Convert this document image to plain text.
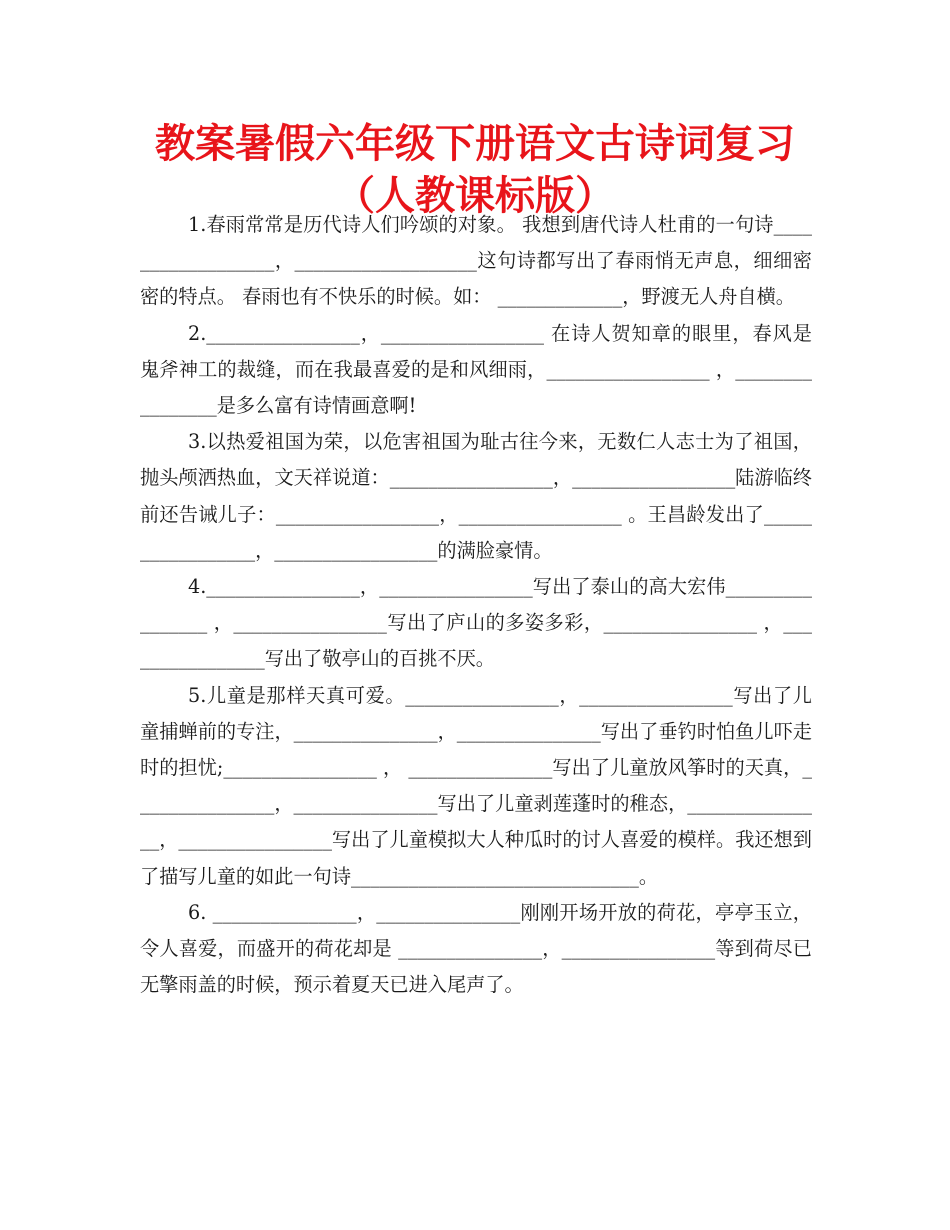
教案暑假六年级下册语文古诗词复习（人教课标版）

1.春雨常常是历代诗人们吟颂的对象。 我想到唐代诗人杜甫的一句诗__________________，___________________这句诗都写出了春雨悄无声息，细细密密的特点。 春雨也有不快乐的时候。如： _____________，野渡无人舟自横。

2.________________，_________________ 在诗人贺知章的眼里，春风是鬼斧神工的裁缝，而在我最喜爱的是和风细雨，_________________ ，________________是多么富有诗情画意啊!

3.以热爱祖国为荣，以危害祖国为耻古往今来，无数仁人志士为了祖国，抛头颅洒热血，文天祥说道：_________________，_________________陆游临终前还告诫儿子：_________________，_________________ 。王昌龄发出了_________________，_________________的满脸豪情。

4.________________，________________写出了泰山的高大宏伟________________ ，________________写出了庐山的多姿多彩，________________ ，________________写出了敬亭山的百挑不厌。

5.儿童是那样天真可爱。________________，________________写出了儿童捕蝉前的专注，_______________，_______________写出了垂钓时怕鱼儿吓走时的担忧;________________ ， _______________写出了儿童放风筝时的天真，_______________，_______________写出了儿童剥莲蓬时的稚态，_______________，________________写出了儿童模拟大人种瓜时的讨人喜爱的模样。我还想到了描写儿童的如此一句诗______________________________。

6. _______________，_______________刚刚开场开放的荷花，亭亭玉立，令人喜爱，而盛开的荷花却是 _______________，________________等到荷尽已无擎雨盖的时候，预示着夏天已进入尾声了。
